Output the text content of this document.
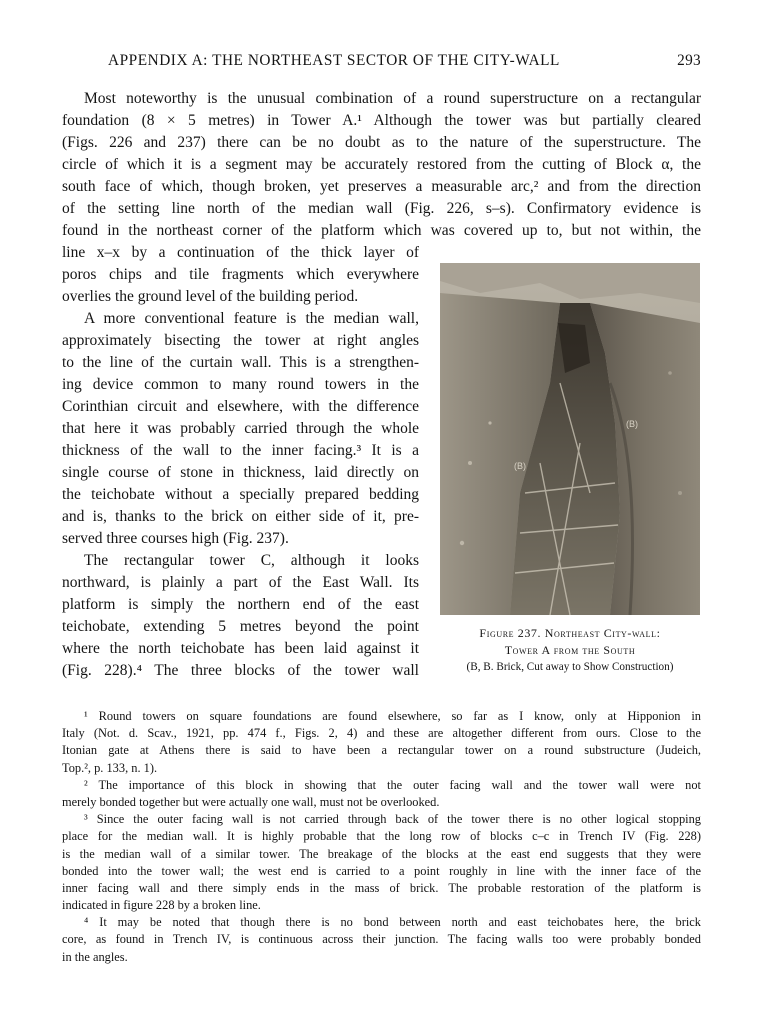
APPENDIX A: THE NORTHEAST SECTOR OF THE CITY-WALL	293
Most noteworthy is the unusual combination of a round superstructure on a rectangular
foundation (8 × 5 metres) in Tower A.¹ Although the tower was but partially cleared
(Figs. 226 and 237) there can be no doubt as to the nature of the superstructure. The
circle of which it is a segment may be accurately restored from the cutting of Block α, the
south face of which, though broken, yet preserves a measurable arc,² and from the direction
of the setting line north of the median wall (Fig. 226, s–s). Confirmatory evidence is
found in the northeast corner of the platform which was covered up to, but not within, the
line x–x by a continuation of the thick layer of
poros chips and tile fragments which everywhere
overlies the ground level of the building period.
A more conventional feature is the median wall,
approximately bisecting the tower at right angles
to the line of the curtain wall. This is a strengthen-
ing device common to many round towers in the
Corinthian circuit and elsewhere, with the difference
that here it was probably carried through the whole
thickness of the wall to the inner facing.³ It is a
single course of stone in thickness, laid directly on
the teichobate without a specially prepared bedding
and is, thanks to the brick on either side of it, pre-
served three courses high (Fig. 237).
The rectangular tower C, although it looks
northward, is plainly a part of the East Wall. Its
platform is simply the northern end of the east
teichobate, extending 5 metres beyond the point
where the north teichobate has been laid against it
(Fig. 228).⁴ The three blocks of the tower wall
(B)
(B)
Figure 237. Northeast City-wall:
Tower A from the South
(B, B. Brick, Cut away to Show Construction)
¹ Round towers on square foundations are found elsewhere, so far as I know, only at Hipponion in
Italy (Not. d. Scav., 1921, pp. 474 f., Figs. 2, 4) and these are altogether different from ours. Close to the
Itonian gate at Athens there is said to have been a rectangular tower on a round substructure (Judeich,
Top.², p. 133, n. 1).
² The importance of this block in showing that the outer facing wall and the tower wall were not
merely bonded together but were actually one wall, must not be overlooked.
³ Since the outer facing wall is not carried through back of the tower there is no other logical stopping
place for the median wall. It is highly probable that the long row of blocks c–c in Trench IV (Fig. 228)
is the median wall of a similar tower. The breakage of the blocks at the east end suggests that they were
bonded into the tower wall; the west end is carried to a point roughly in line with the inner face of the
inner facing wall and there simply ends in the mass of brick. The probable restoration of the platform is
indicated in figure 228 by a broken line.
⁴ It may be noted that though there is no bond between north and east teichobates here, the brick
core, as found in Trench IV, is continuous across their junction. The facing walls too were probably bonded
in the angles.
